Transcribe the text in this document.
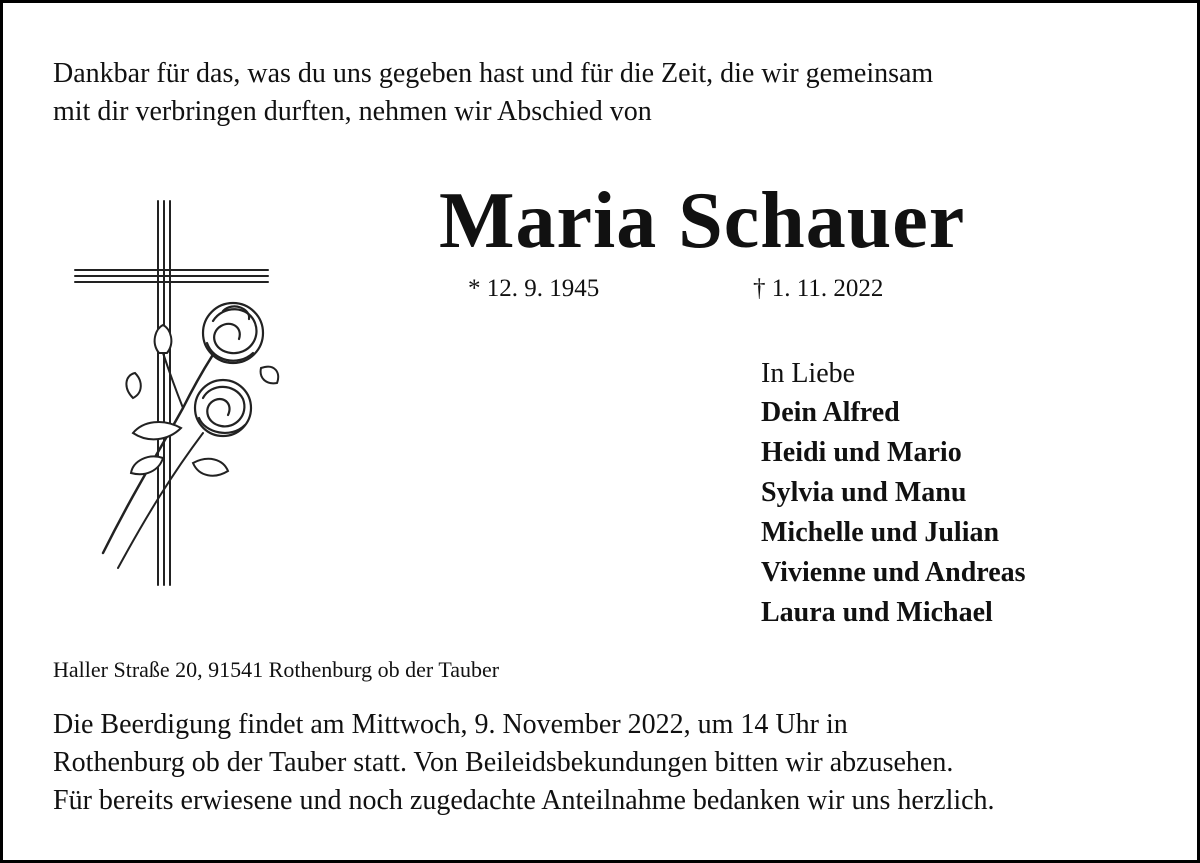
Dankbar für das, was du uns gegeben hast und für die Zeit, die wir gemeinsam
mit dir verbringen durften, nehmen wir Abschied von

Maria Schauer
* 12. 9. 1945	† 1. 11. 2022
In Liebe
Dein Alfred
Heidi und Mario
Sylvia und Manu
Michelle und Julian
Vivienne und Andreas
Laura und Michael
Haller Straße 20, 91541 Rothenburg ob der Tauber

Die Beerdigung findet am Mittwoch, 9. November 2022, um 14 Uhr in
Rothenburg ob der Tauber statt. Von Beileidsbekundungen bitten wir abzusehen.
Für bereits erwiesene und noch zugedachte Anteilnahme bedanken wir uns herzlich.
